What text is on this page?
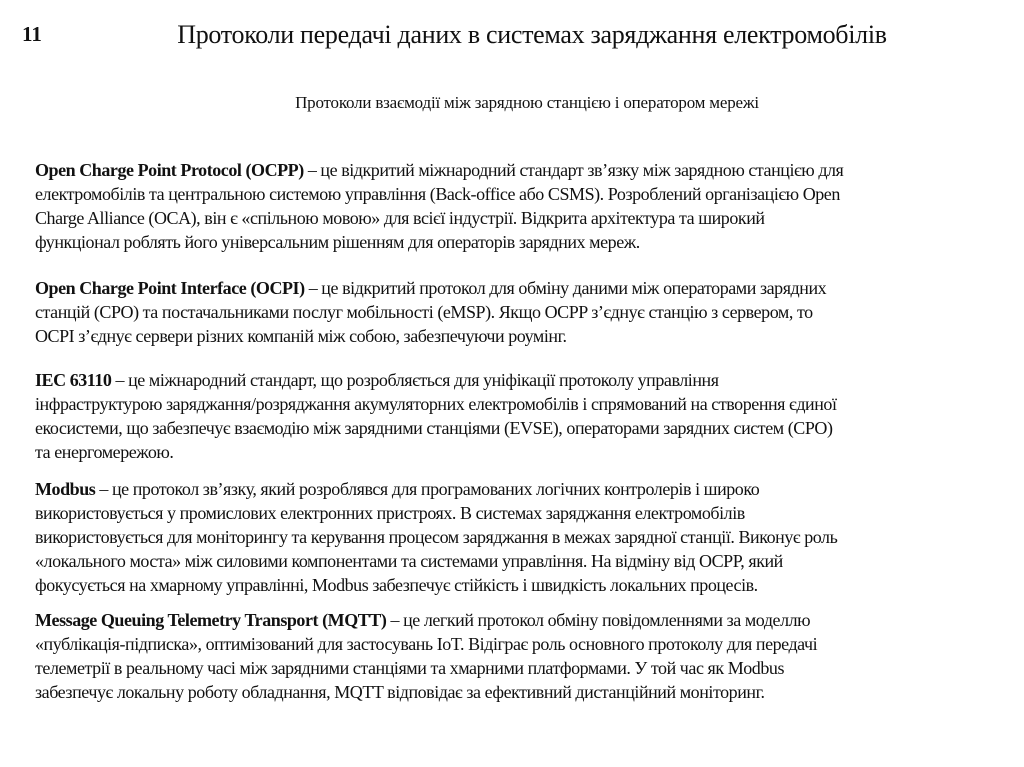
11	Протоколи передачі даних в системах заряджання електромобілів
Протоколи взаємодії між зарядною станцією і оператором мережі
Open Charge Point Protocol (OCPP) – це відкритий міжнародний стандарт зв’язку між зарядною станцією для
електромобілів та центральною системою управління (Back-office або CSMS). Розроблений організацією Open
Charge Alliance (OCA), він є «спільною мовою» для всієї індустрії. Відкрита архітектура та широкий
функціонал роблять його універсальним рішенням для операторів зарядних мереж.
Open Charge Point Interface (OCPI) – це відкритий протокол для обміну даними між операторами зарядних
станцій (CPO) та постачальниками послуг мобільності (eMSP). Якщо OCPP з’єднує станцію з сервером, то
OCPI з’єднує сервери різних компаній між собою, забезпечуючи роумінг.
IEC 63110 – це міжнародний стандарт, що розробляється для уніфікації протоколу управління
інфраструктурою заряджання/розряджання акумуляторних електромобілів і спрямований на створення єдиної
екосистеми, що забезпечує взаємодію між зарядними станціями (EVSE), операторами зарядних систем (CPO)
та енергомережою.
Modbus – це протокол зв’язку, який розроблявся для програмованих логічних контролерів і широко
використовується у промислових електронних пристроях. В системах заряджання електромобілів
використовується для моніторингу та керування процесом заряджання в межах зарядної станції. Виконує роль
«локального моста» між силовими компонентами та системами управління. На відміну від OCPP, який
фокусується на хмарному управлінні, Modbus забезпечує стійкість і швидкість локальних процесів.
Message Queuing Telemetry Transport (MQTT) – це легкий протокол обміну повідомленнями за моделлю
«публікація-підписка», оптимізований для застосувань IoT. Відіграє роль основного протоколу для передачі
телеметрії в реальному часі між зарядними станціями та хмарними платформами. У той час як Modbus
забезпечує локальну роботу обладнання, MQTT відповідає за ефективний дистанційний моніторинг.
